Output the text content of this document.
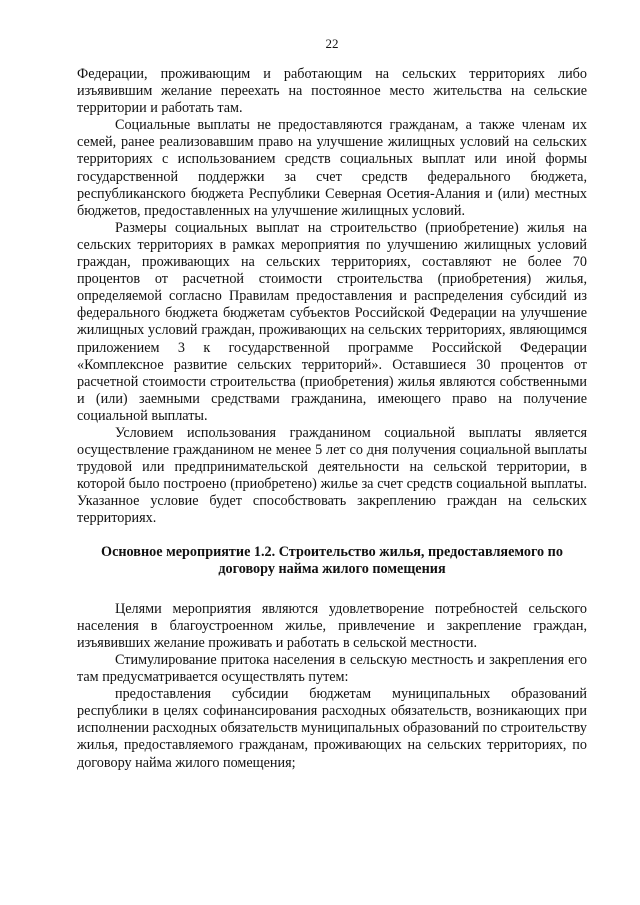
22

Федерации, проживающим и работающим на сельских территориях либо изъявившим желание переехать на постоянное место жительства на сельские территории и работать там.

Социальные выплаты не предоставляются гражданам, а также членам их семей, ранее реализовавшим право на улучшение жилищных условий на сельских территориях с использованием средств социальных выплат или иной формы государственной поддержки за счет средств федерального бюджета, республиканского бюджета Республики Северная Осетия-Алания и (или) местных бюджетов, предоставленных на улучшение жилищных условий.

Размеры социальных выплат на строительство (приобретение) жилья на сельских территориях в рамках мероприятия по улучшению жилищных условий граждан, проживающих на сельских территориях, составляют не более 70 процентов от расчетной стоимости строительства (приобретения) жилья, определяемой согласно Правилам предоставления и распределения субсидий из федерального бюджета бюджетам субъектов Российской Федерации на улучшение жилищных условий граждан, проживающих на сельских территориях, являющимся приложением 3 к государственной программе Российской Федерации «Комплексное развитие сельских территорий». Оставшиеся 30 процентов от расчетной стоимости строительства (приобретения) жилья являются собственными и (или) заемными средствами гражданина, имеющего право на получение социальной выплаты.

Условием использования гражданином социальной выплаты является осуществление гражданином не менее 5 лет со дня получения социальной выплаты трудовой или предпринимательской деятельности на сельской территории, в которой было построено (приобретено) жилье за счет средств социальной выплаты. Указанное условие будет способствовать закреплению граждан на сельских территориях.

Основное мероприятие 1.2. Строительство жилья, предоставляемого по договору найма жилого помещения

Целями мероприятия являются удовлетворение потребностей сельского населения в благоустроенном жилье, привлечение и закрепление граждан, изъявивших желание проживать и работать в сельской местности.

Стимулирование притока населения в сельскую местность и закрепления его там предусматривается осуществлять путем:

предоставления субсидии бюджетам муниципальных образований республики в целях софинансирования расходных обязательств, возникающих при исполнении расходных обязательств муниципальных образований по строительству жилья, предоставляемого гражданам, проживающих на сельских территориях, по договору найма жилого помещения;
